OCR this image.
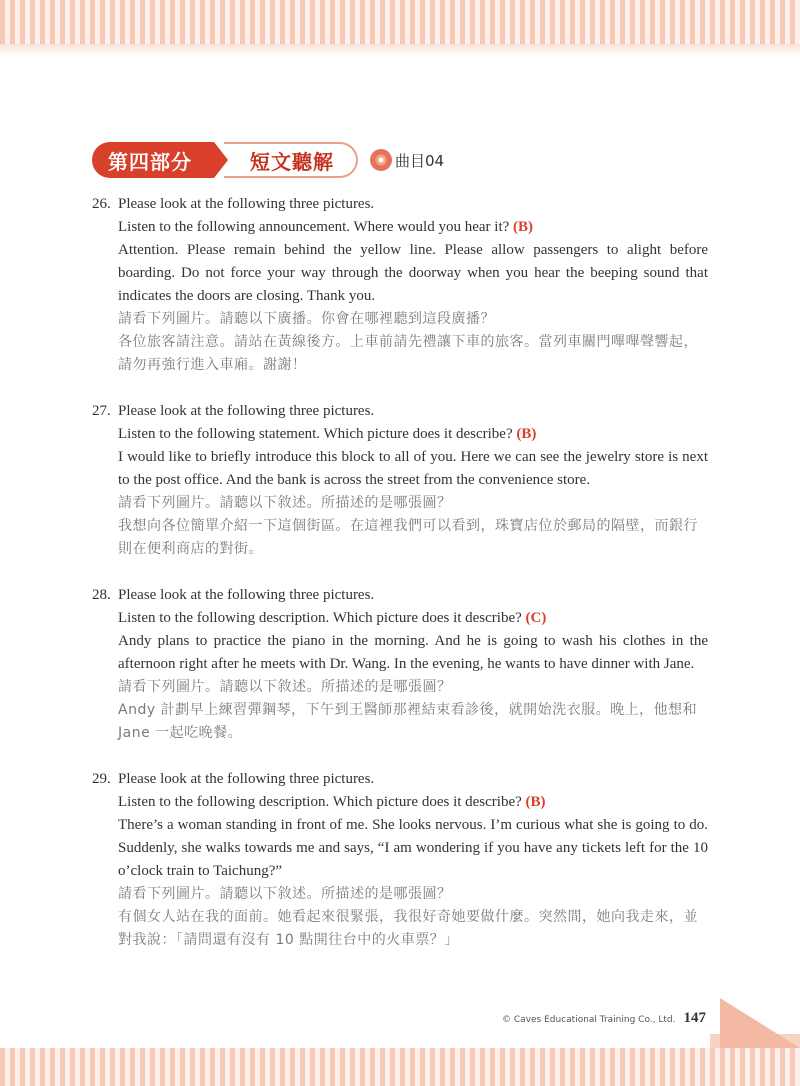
第四部分	短文聽解	曲目04
26. Please look at the following three pictures.
Listen to the following announcement. Where would you hear it? (B)
Attention. Please remain behind the yellow line. Please allow passengers to alight before boarding. Do not force your way through the doorway when you hear the beeping sound that indicates the doors are closing. Thank you.
請看下列圖片。請聽以下廣播。你會在哪裡聽到這段廣播？
各位旅客請注意。請站在黃線後方。上車前請先禮讓下車的旅客。當列車關門嗶嗶聲響起，請勿再強行進入車廂。謝謝！
27. Please look at the following three pictures.
Listen to the following statement. Which picture does it describe? (B)
I would like to briefly introduce this block to all of you. Here we can see the jewelry store is next to the post office. And the bank is across the street from the convenience store.
請看下列圖片。請聽以下敘述。所描述的是哪張圖？
我想向各位簡單介紹一下這個街區。在這裡我們可以看到，珠寶店位於郵局的隔壁，而銀行則在便利商店的對街。
28. Please look at the following three pictures.
Listen to the following description. Which picture does it describe? (C)
Andy plans to practice the piano in the morning. And he is going to wash his clothes in the afternoon right after he meets with Dr. Wang. In the evening, he wants to have dinner with Jane.
請看下列圖片。請聽以下敘述。所描述的是哪張圖？
Andy 計劃早上練習彈鋼琴，下午到王醫師那裡結束看診後，就開始洗衣服。晚上，他想和Jane 一起吃晚餐。
29. Please look at the following three pictures.
Listen to the following description. Which picture does it describe? (B)
There’s a woman standing in front of me. She looks nervous. I’m curious what she is going to do. Suddenly, she walks towards me and says, “I am wondering if you have any tickets left for the 10 o’clock train to Taichung?”
請看下列圖片。請聽以下敘述。所描述的是哪張圖？
有個女人站在我的面前。她看起來很緊張，我很好奇她要做什麼。突然間，她向我走來，並對我說：「請問還有沒有 10 點開往台中的火車票？」
© Caves Educational Training Co., Ltd. 147
